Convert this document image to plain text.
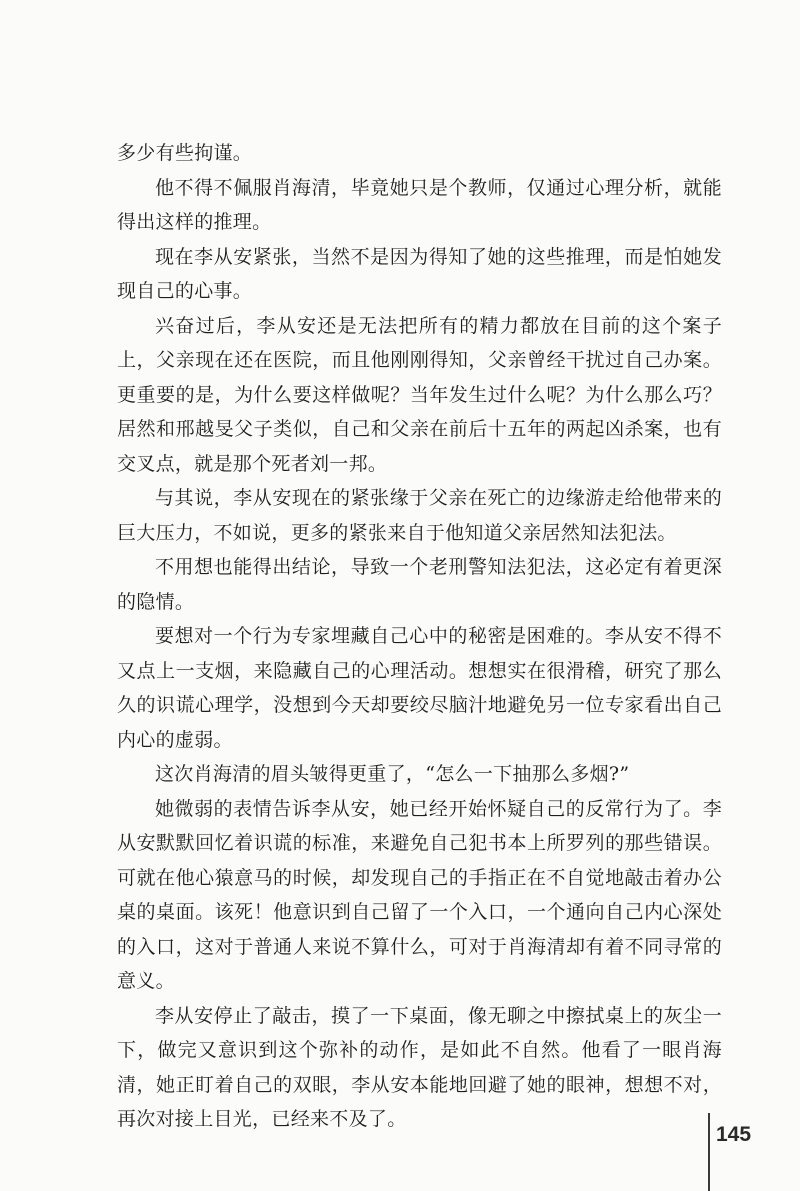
多少有些拘谨。

他不得不佩服肖海清，毕竟她只是个教师，仅通过心理分析，就能得出这样的推理。

现在李从安紧张，当然不是因为得知了她的这些推理，而是怕她发现自己的心事。

兴奋过后，李从安还是无法把所有的精力都放在目前的这个案子上，父亲现在还在医院，而且他刚刚得知，父亲曾经干扰过自己办案。更重要的是，为什么要这样做呢？当年发生过什么呢？为什么那么巧？居然和邢越旻父子类似，自己和父亲在前后十五年的两起凶杀案，也有交叉点，就是那个死者刘一邦。

与其说，李从安现在的紧张缘于父亲在死亡的边缘游走给他带来的巨大压力，不如说，更多的紧张来自于他知道父亲居然知法犯法。

不用想也能得出结论，导致一个老刑警知法犯法，这必定有着更深的隐情。

要想对一个行为专家埋藏自己心中的秘密是困难的。李从安不得不又点上一支烟，来隐藏自己的心理活动。想想实在很滑稽，研究了那么久的识谎心理学，没想到今天却要绞尽脑汁地避免另一位专家看出自己内心的虚弱。

这次肖海清的眉头皱得更重了，“怎么一下抽那么多烟?”

她微弱的表情告诉李从安，她已经开始怀疑自己的反常行为了。李从安默默回忆着识谎的标准，来避免自己犯书本上所罗列的那些错误。可就在他心猿意马的时候，却发现自己的手指正在不自觉地敲击着办公桌的桌面。该死！他意识到自己留了一个入口，一个通向自己内心深处的入口，这对于普通人来说不算什么，可对于肖海清却有着不同寻常的意义。

李从安停止了敲击，摸了一下桌面，像无聊之中擦拭桌上的灰尘一下，做完又意识到这个弥补的动作，是如此不自然。他看了一眼肖海清，她正盯着自己的双眼，李从安本能地回避了她的眼神，想想不对，再次对接上目光，已经来不及了。

145
